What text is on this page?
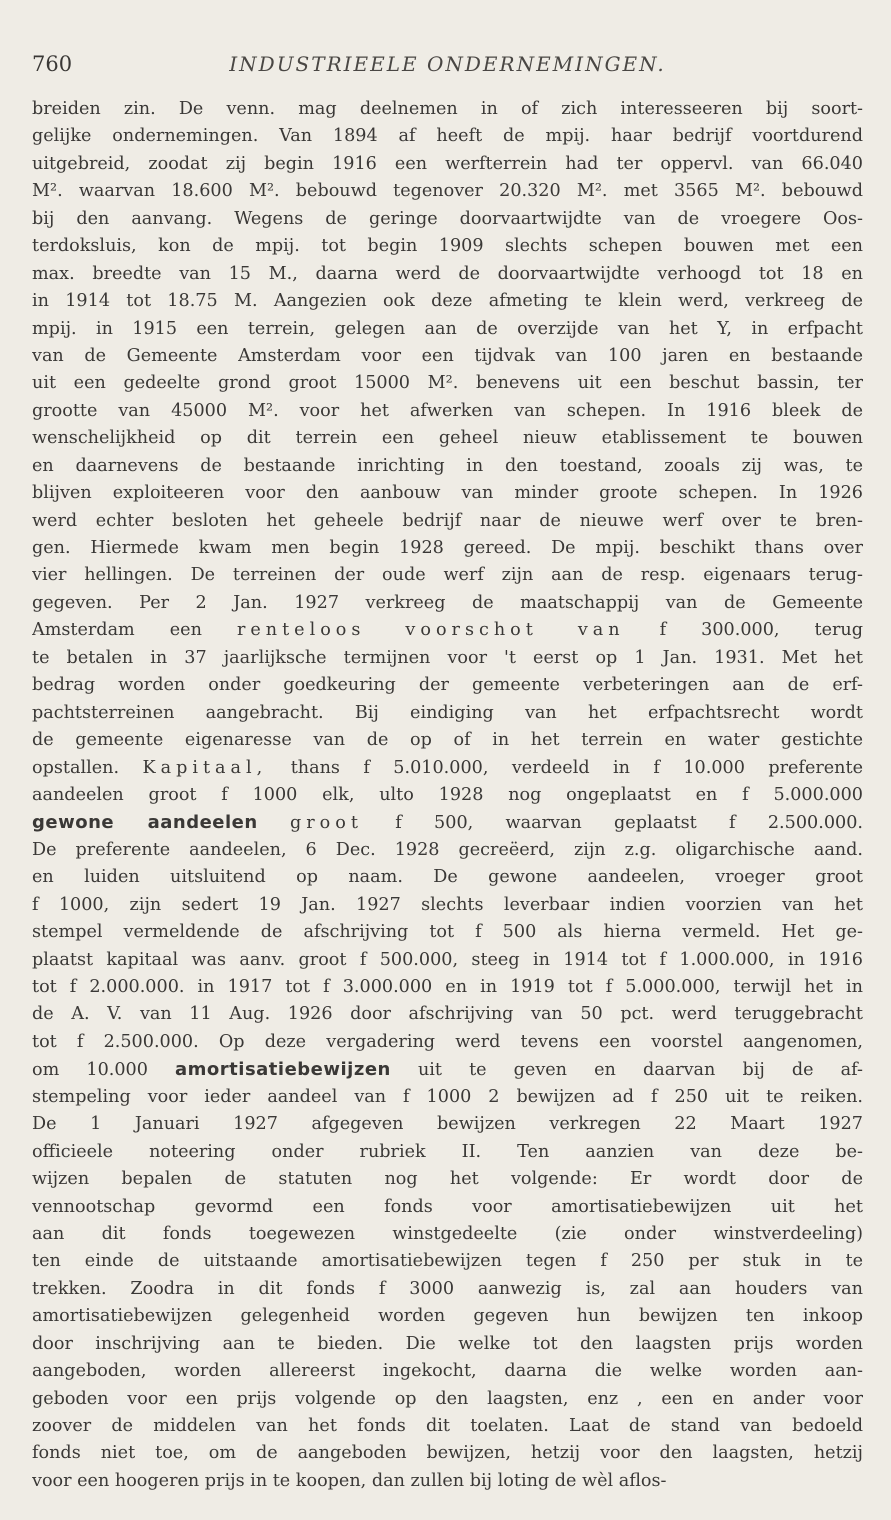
760	INDUSTRIEELE ONDERNEMINGEN.
breiden zin. De venn. mag deelnemen in of zich interesseeren bij soort-
gelijke ondernemingen. Van 1894 af heeft de mpij. haar bedrijf voortdurend
uitgebreid, zoodat zij begin 1916 een werfterrein had ter oppervl. van 66.040
M². waarvan 18.600 M². bebouwd tegenover 20.320 M². met 3565 M². bebouwd
bij den aanvang. Wegens de geringe doorvaartwijdte van de vroegere Oos-
terdoksluis, kon de mpij. tot begin 1909 slechts schepen bouwen met een
max. breedte van 15 M., daarna werd de doorvaartwijdte verhoogd tot 18 en
in 1914 tot 18.75 M. Aangezien ook deze afmeting te klein werd, verkreeg de
mpij. in 1915 een terrein, gelegen aan de overzijde van het Y, in erfpacht
van de Gemeente Amsterdam voor een tijdvak van 100 jaren en bestaande
uit een gedeelte grond groot 15000 M². benevens uit een beschut bassin, ter
grootte van 45000 M². voor het afwerken van schepen. In 1916 bleek de
wenschelijkheid op dit terrein een geheel nieuw etablissement te bouwen
en daarnevens de bestaande inrichting in den toestand, zooals zij was, te
blijven exploiteeren voor den aanbouw van minder groote schepen. In 1926
werd echter besloten het geheele bedrijf naar de nieuwe werf over te bren-
gen. Hiermede kwam men begin 1928 gereed. De mpij. beschikt thans over
vier hellingen. De terreinen der oude werf zijn aan de resp. eigenaars terug-
gegeven. Per 2 Jan. 1927 verkreeg de maatschappij van de Gemeente
Amsterdam een renteloos voorschot van f 300.000, terug
te betalen in 37 jaarlijksche termijnen voor 't eerst op 1 Jan. 1931. Met het
bedrag worden onder goedkeuring der gemeente verbeteringen aan de erf-
pachtsterreinen aangebracht. Bij eindiging van het erfpachtsrecht wordt
de gemeente eigenaresse van de op of in het terrein en water gestichte
opstallen. Kapitaal, thans f 5.010.000, verdeeld in f 10.000 preferente
aandeelen groot f 1000 elk, ulto 1928 nog ongeplaatst en f 5.000.000
gewone aandeelen groot f 500, waarvan geplaatst f 2.500.000.
De preferente aandeelen, 6 Dec. 1928 gecreëerd, zijn z.g. oligarchische aand.
en luiden uitsluitend op naam. De gewone aandeelen, vroeger groot
f 1000, zijn sedert 19 Jan. 1927 slechts leverbaar indien voorzien van het
stempel vermeldende de afschrijving tot f 500 als hierna vermeld. Het ge-
plaatst kapitaal was aanv. groot f 500.000, steeg in 1914 tot f 1.000.000, in 1916
tot f 2.000.000. in 1917 tot f 3.000.000 en in 1919 tot f 5.000.000, terwijl het in
de A. V. van 11 Aug. 1926 door afschrijving van 50 pct. werd teruggebracht
tot f 2.500.000. Op deze vergadering werd tevens een voorstel aangenomen,
om 10.000 amortisatiebewijzen uit te geven en daarvan bij de af-
stempeling voor ieder aandeel van f 1000 2 bewijzen ad f 250 uit te reiken.
De 1 Januari 1927 afgegeven bewijzen verkregen 22 Maart 1927
officieele noteering onder rubriek II. Ten aanzien van deze be-
wijzen bepalen de statuten nog het volgende: Er wordt door de
vennootschap gevormd een fonds voor amortisatiebewijzen uit het
aan dit fonds toegewezen winstgedeelte (zie onder winstverdeeling)
ten einde de uitstaande amortisatiebewijzen tegen f 250 per stuk in te
trekken. Zoodra in dit fonds f 3000 aanwezig is, zal aan houders van
amortisatiebewijzen gelegenheid worden gegeven hun bewijzen ten inkoop
door inschrijving aan te bieden. Die welke tot den laagsten prijs worden
aangeboden, worden allereerst ingekocht, daarna die welke worden aan-
geboden voor een prijs volgende op den laagsten, enz , een en ander voor
zoover de middelen van het fonds dit toelaten. Laat de stand van bedoeld
fonds niet toe, om de aangeboden bewijzen, hetzij voor den laagsten, hetzij
voor een hoogeren prijs in te koopen, dan zullen bij loting de wèl aflos-
